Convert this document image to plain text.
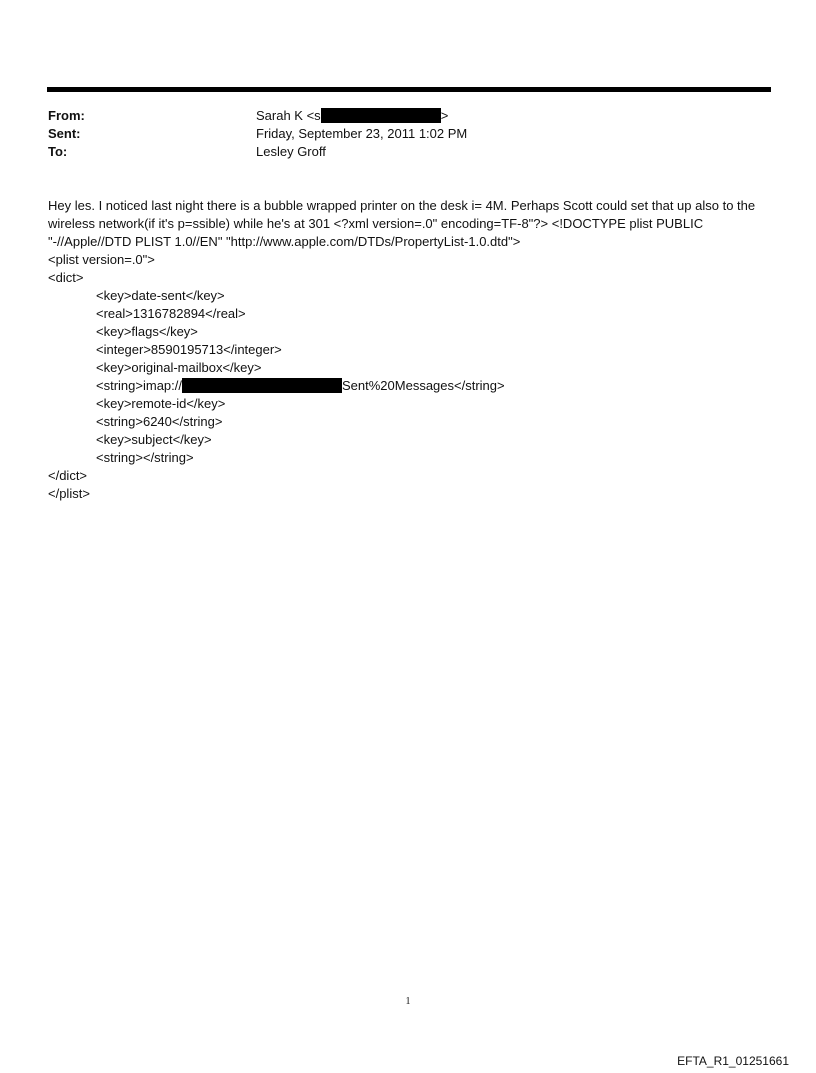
From:	Sarah K <s	>
Sent:	Friday, September 23, 2011 1:02 PM
To:	Lesley Groff

Hey les. I noticed last night there is a bubble wrapped printer on the desk i= 4M. Perhaps Scott could set that up also to the wireless network(if it's p=ssible) while he's at 301 <?xml version=.0" encoding=TF-8"?> <!DOCTYPE plist PUBLIC "-//Apple//DTD PLIST 1.0//EN" "http://www.apple.com/DTDs/PropertyList-1.0.dtd">

<plist version=.0">

<dict>

<key>date-sent</key>

<real>1316782894</real>

<key>flags</key>

<integer>8590195713</integer>

<key>original-mailbox</key>

<string>imap://	Sent%20Messages</string>

<key>remote-id</key>

<string>6240</string>

<key>subject</key>

<string></string>

</dict>

</plist>

1
EFTA_R1_01251661
